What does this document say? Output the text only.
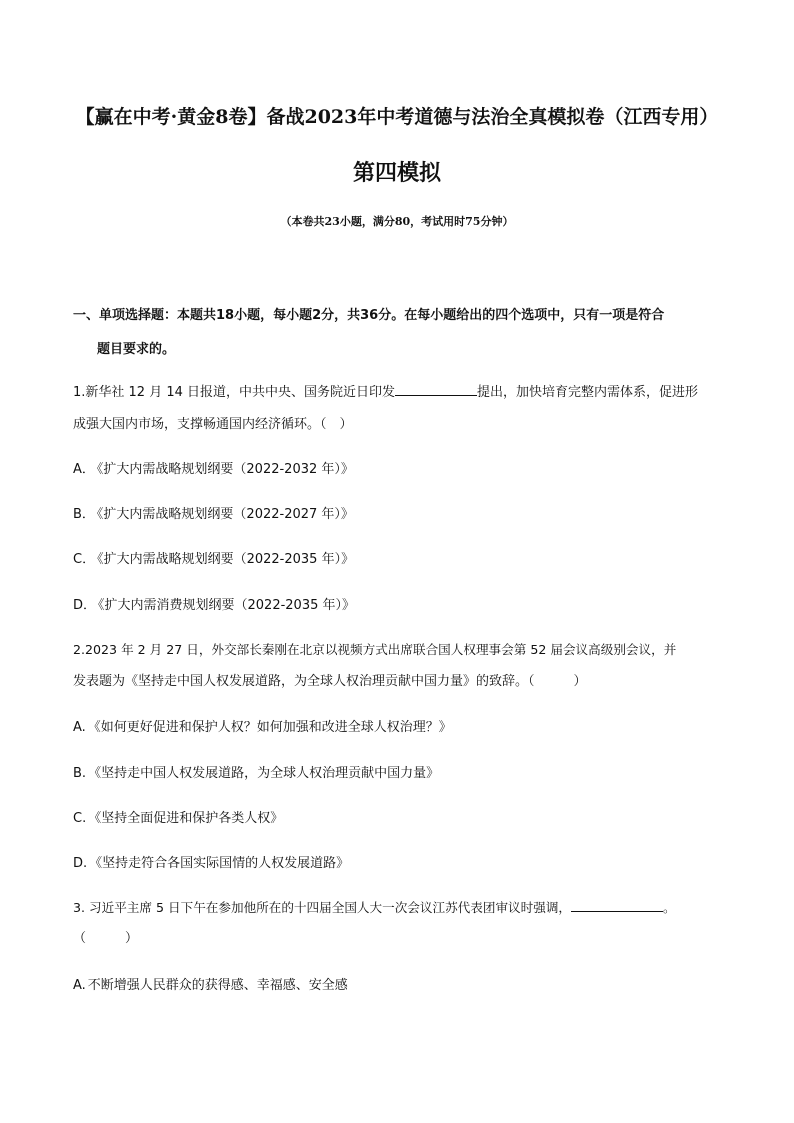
【赢在中考·黄金8卷】备战2023年中考道德与法治全真模拟卷（江西专用）
第四模拟
（本卷共23小题，满分80，考试用时75分钟）
一、单项选择题：本题共18小题，每小题2分，共36分。在每小题给出的四个选项中，只有一项是符合
题目要求的。
1.新华社 12 月 14 日报道，中共中央、国务院近日印发	提出，加快培育完整内需体系，促进形
成强大国内市场，支撑畅通国内经济循环。（　）
A． 《扩大内需战略规划纲要（2022-2032 年）》
B． 《扩大内需战略规划纲要（2022-2027 年）》
C． 《扩大内需战略规划纲要（2022-2035 年）》
D． 《扩大内需消费规划纲要（2022-2035 年）》
2.2023 年 2 月 27 日，外交部长秦刚在北京以视频方式出席联合国人权理事会第 52 届会议高级别会议，并
发表题为《坚持走中国人权发展道路，为全球人权治理贡献中国力量》的致辞。（　　　）
A. 《如何更好促进和保护人权？如何加强和改进全球人权治理？》
B. 《坚持走中国人权发展道路，为全球人权治理贡献中国力量》
C. 《坚持全面促进和保护各类人权》
D. 《坚持走符合各国实际国情的人权发展道路》
3. 习近平主席 5 日下午在参加他所在的十四届全国人大一次会议江苏代表团审议时强调，	。
（　　　）
A. 不断增强人民群众的获得感、幸福感、安全感
